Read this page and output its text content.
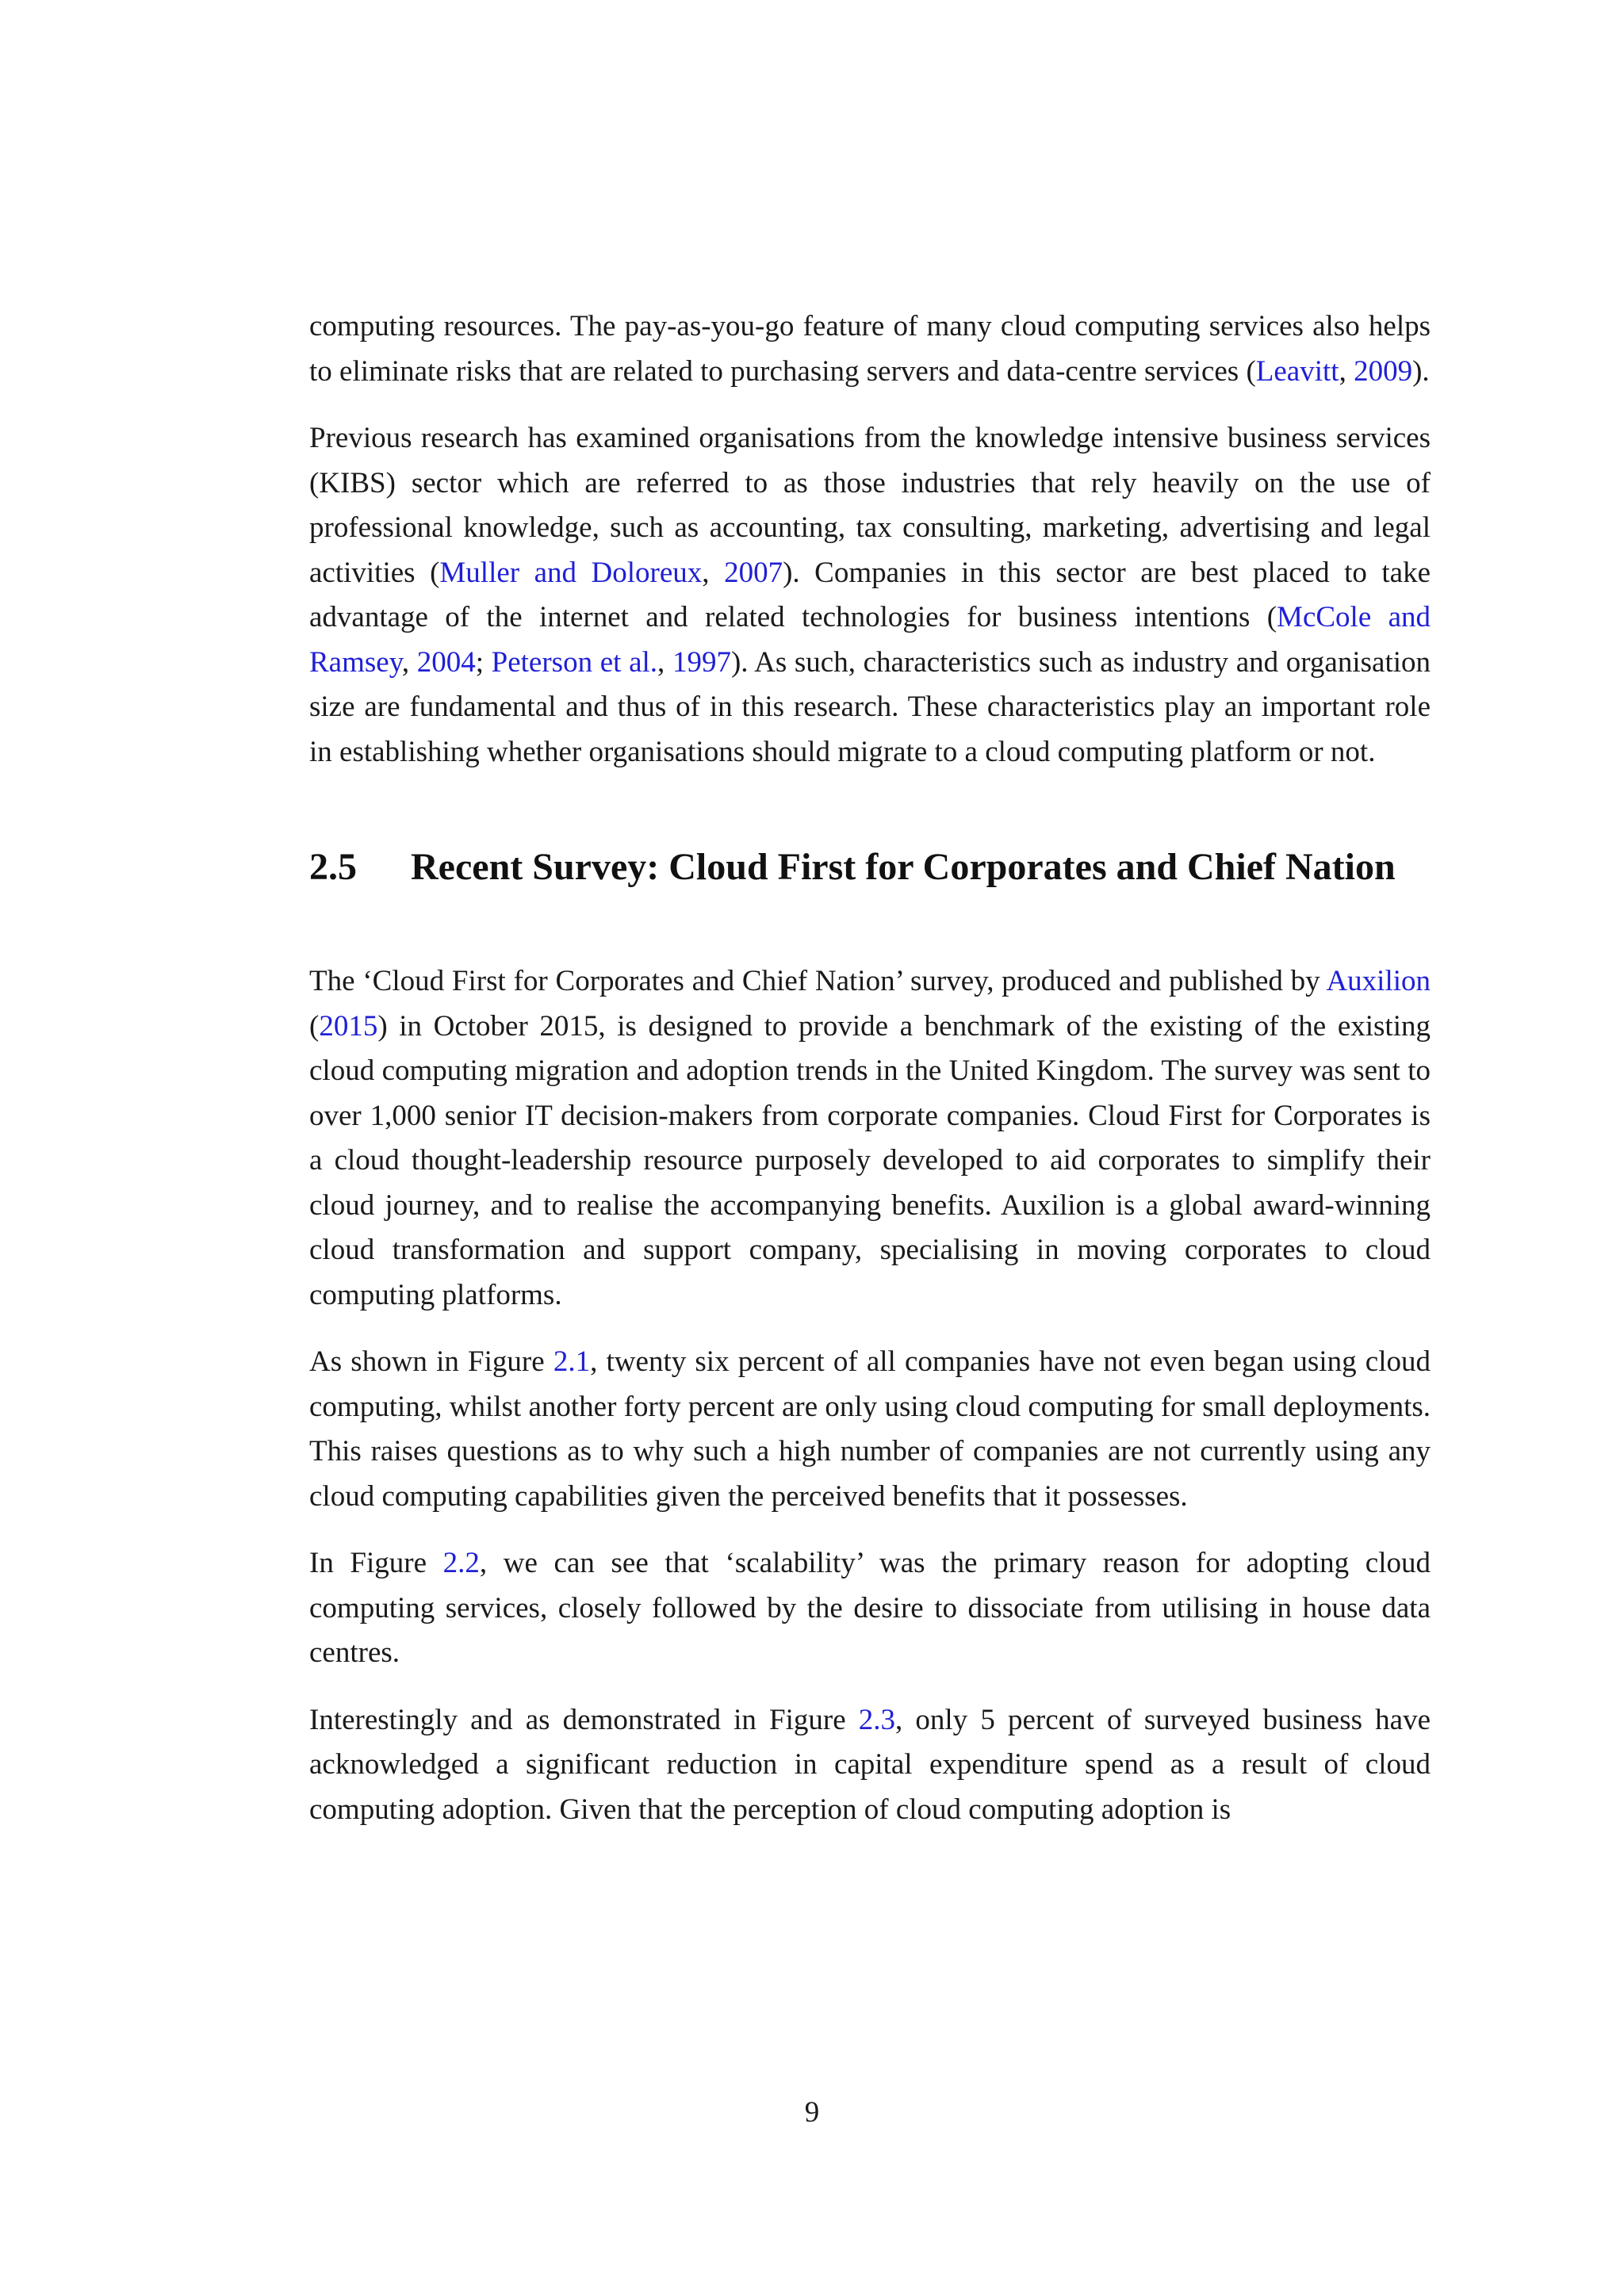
computing resources. The pay-as-you-go feature of many cloud computing services also helps to eliminate risks that are related to purchasing servers and data-centre services (Leavitt, 2009).

Previous research has examined organisations from the knowledge intensive business services (KIBS) sector which are referred to as those industries that rely heavily on the use of professional knowledge, such as accounting, tax consulting, marketing, advertising and legal activities (Muller and Doloreux, 2007). Companies in this sector are best placed to take advantage of the internet and related technologies for business intentions (McCole and Ramsey, 2004; Peterson et al., 1997). As such, characteristics such as industry and organisation size are fundamental and thus of in this research. These characteristics play an important role in establishing whether organisations should migrate to a cloud computing platform or not.

2.5	Recent Survey: Cloud First for Corporates and Chief Nation

The ‘Cloud First for Corporates and Chief Nation’ survey, produced and published by Auxilion (2015) in October 2015, is designed to provide a benchmark of the existing of the existing cloud computing migration and adoption trends in the United Kingdom. The survey was sent to over 1,000 senior IT decision-makers from corporate companies. Cloud First for Corporates is a cloud thought-leadership resource purposely developed to aid corporates to simplify their cloud journey, and to realise the accompanying benefits. Auxilion is a global award-winning cloud transformation and support company, specialising in moving corporates to cloud computing platforms.

As shown in Figure 2.1, twenty six percent of all companies have not even began using cloud computing, whilst another forty percent are only using cloud computing for small deployments. This raises questions as to why such a high number of companies are not currently using any cloud computing capabilities given the perceived benefits that it possesses.

In Figure 2.2, we can see that ‘scalability’ was the primary reason for adopting cloud computing services, closely followed by the desire to dissociate from utilising in house data centres.

Interestingly and as demonstrated in Figure 2.3, only 5 percent of surveyed business have acknowledged a significant reduction in capital expenditure spend as a result of cloud computing adoption. Given that the perception of cloud computing adoption is

9
